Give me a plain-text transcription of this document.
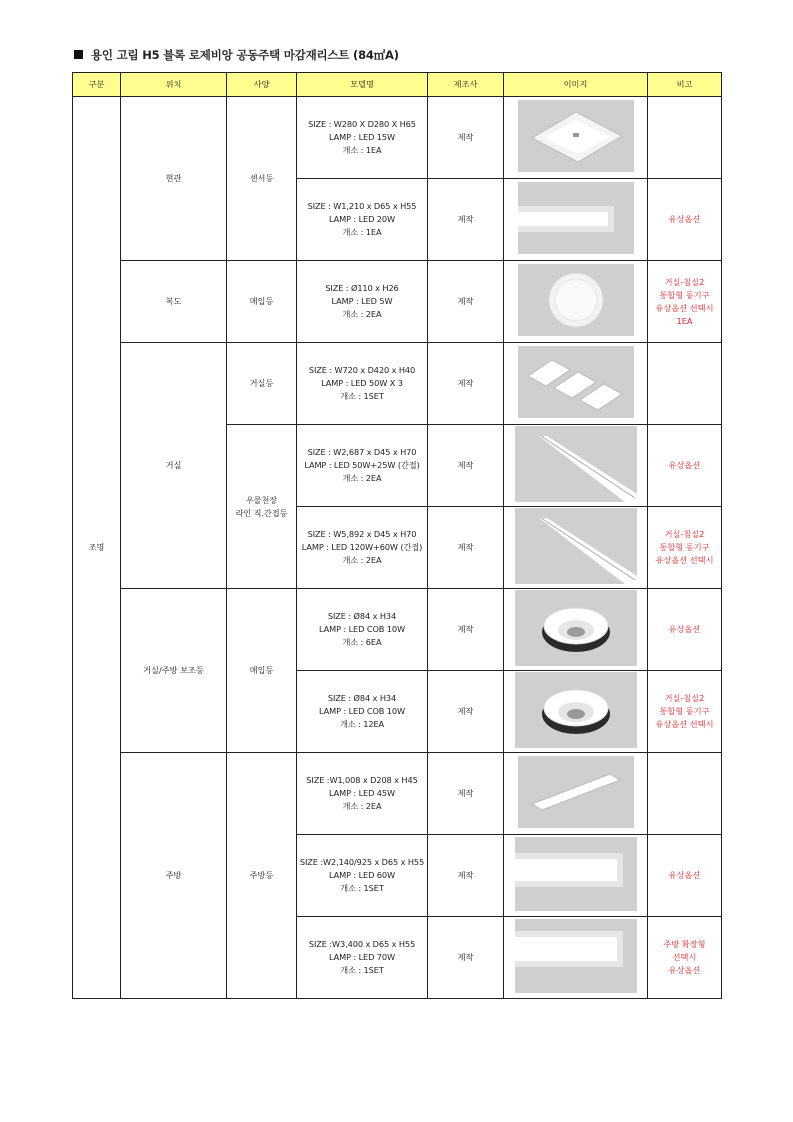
용인 고림 H5 블록 로제비앙 공동주택 마감재리스트 (84㎡A)
구분	위치	사양	모델명	제조사	이미지	비고
조명	현관	센서등	SIZE : W280 X D280 X H65
LAMP : LED 15W
개소 : 1EA	제작		
			SIZE : W1,210 x D65 x H55
LAMP : LED 20W
개소 : 1EA	제작		유상옵션
	복도	매입등	SIZE : Ø110 x H26
LAMP : LED 5W
개소 : 2EA	제작		거실-침실2
통합형 동기구
유상옵션 선택시
1EA
	거실	거실등	SIZE : W720 x D420 x H40
LAMP : LED 50W X 3
개소 : 1SET	제작		
		우물천장
라인 직.간접등	SIZE : W2,687 x D45 x H70
LAMP : LED 50W+25W (간접)
개소 : 2EA	제작		유상옵션
			SIZE : W5,892 x D45 x H70
LAMP : LED 120W+60W (간접)
개소 : 2EA	제작		거실-침실2
통합형 동기구
유상옵션 선택시
	거실/주방 보조등	매입등	SIZE : Ø84 x H34
LAMP : LED COB 10W
개소 : 6EA	제작		유상옵션
			SIZE : Ø84 x H34
LAMP : LED COB 10W
개소 : 12EA	제작		거실-침실2
통합형 동기구
유상옵션 선택시
	주방	주방등	SIZE :W1,008 x D208 x H45
LAMP : LED 45W
개소 : 2EA	제작		
			SIZE :W2,140/925 x D65 x H55
LAMP : LED 60W
개소 : 1SET	제작		유상옵션
			SIZE :W3,400 x D65 x H55
LAMP : LED 70W
개소 : 1SET	제작		주방 확장형
선택시
유상옵션
